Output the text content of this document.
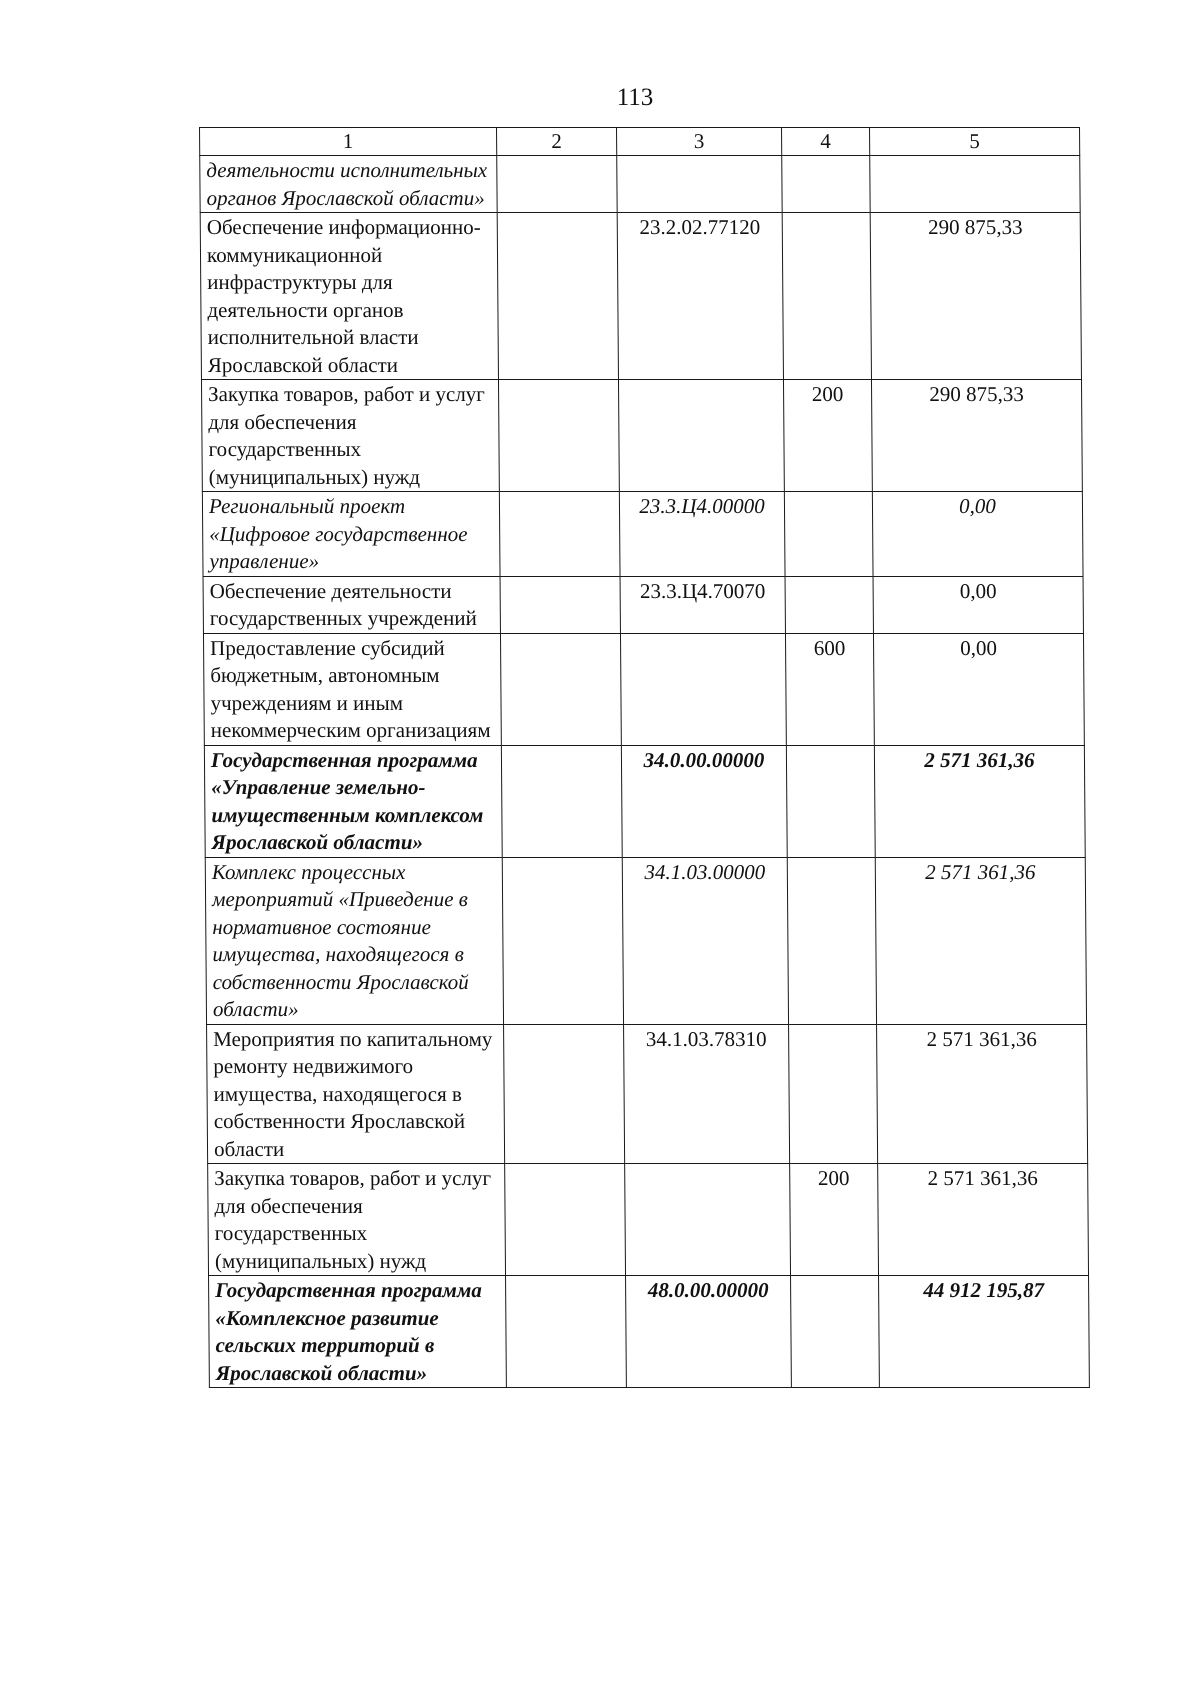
113
1	2	3	4	5
деятельности исполнительных органов Ярославской области»				
Обеспечение информационно-коммуникационной инфраструктуры для деятельности органов исполнительной власти Ярославской области		23.2.02.77120		290 875,33
Закупка товаров, работ и услуг для обеспечения государственных (муниципальных) нужд			200	290 875,33
Региональный проект «Цифровое государственное управление»		23.3.Ц4.00000		0,00
Обеспечение деятельности государственных учреждений		23.3.Ц4.70070		0,00
Предоставление субсидий бюджетным, автономным учреждениям и иным некоммерческим организациям			600	0,00
Государственная программа «Управление земельно-имущественным комплексом Ярославской области»		34.0.00.00000		2 571 361,36
Комплекс процессных мероприятий «Приведение в нормативное состояние имущества, находящегося в собственности Ярославской области»		34.1.03.00000		2 571 361,36
Мероприятия по капитальному ремонту недвижимого имущества, находящегося в собственности Ярославской области		34.1.03.78310		2 571 361,36
Закупка товаров, работ и услуг для обеспечения государственных (муниципальных) нужд			200	2 571 361,36
Государственная программа «Комплексное развитие сельских территорий в Ярославской области»		48.0.00.00000		44 912 195,87
